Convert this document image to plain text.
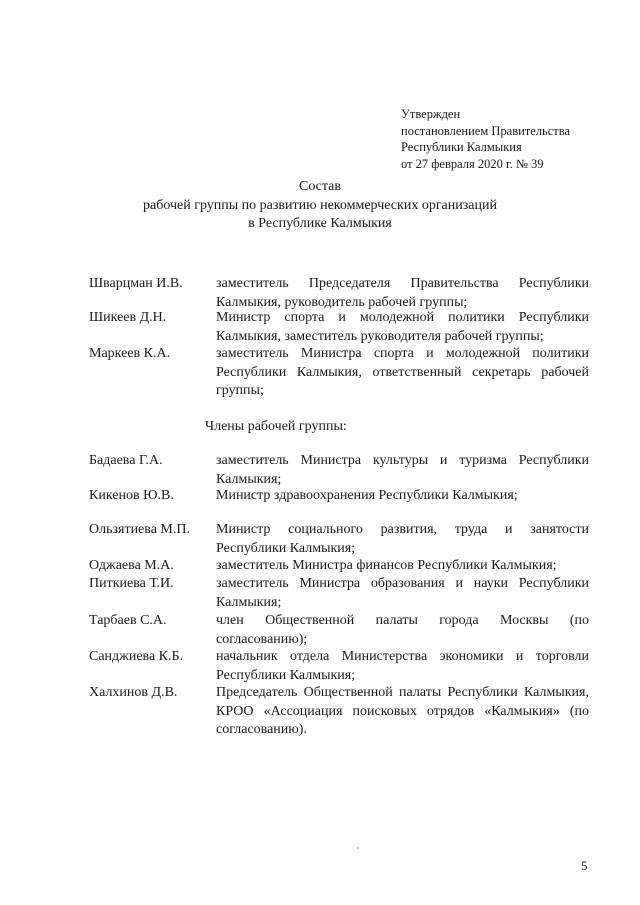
Утвержден
постановлением Правительства
Республики Калмыкия
от 27 февраля 2020 г. № 39
Состав
рабочей группы по развитию некоммерческих организаций
в Республике Калмыкия
Шварцман И.В. заместитель Председателя Правительства Республики Калмыкия, руководитель рабочей группы;
Шикеев Д.Н.	Министр спорта и молодежной политики Республики Калмыкия, заместитель руководителя рабочей группы;
Маркеев К.А.	заместитель Министра спорта и молодежной политики Республики Калмыкия, ответственный секретарь рабочей группы;
Члены рабочей группы:
Бадаева Г.А.	заместитель Министра культуры и туризма Республики Калмыкия;
Кикенов Ю.В.	Министр здравоохранения Республики Калмыкия;
Ользятиева М.П. Министр социального развития, труда и занятости Республики Калмыкия;
Оджаева М.А.	заместитель Министра финансов Республики Калмыкия;
Питкиева Т.И.	заместитель Министра образования и науки Республики Калмыкия;
Тарбаев С.А.	член Общественной палаты города Москвы (по согласованию);
Санджиева К.Б. начальник отдела Министерства экономики и торговли Республики Калмыкия;
Халхинов Д.В.	Председатель Общественной палаты Республики Калмыкия, КРОО «Ассоциация поисковых отрядов «Калмыкия» (по согласованию).
5
